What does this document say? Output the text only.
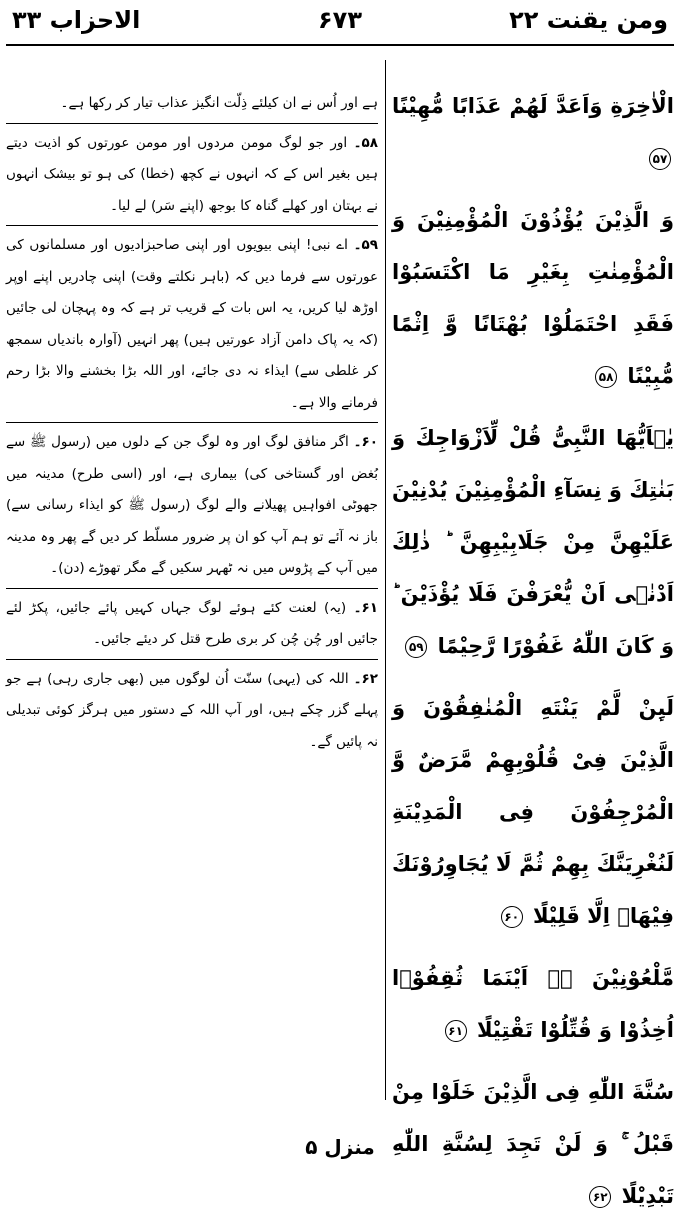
ومن یقنت ۲۲
۶۷۳
الاحزاب ۳۳
الْاٰخِرَةِ وَاَعَدَّ لَهُمْ عَذَابًا مُّهِیْنًا ۵۷
وَ الَّذِیْنَ یُؤْذُوْنَ الْمُؤْمِنِیْنَ وَ الْمُؤْمِنٰتِ بِغَیْرِ مَا اكْتَسَبُوْا فَقَدِ احْتَمَلُوْا بُهْتَانًا وَّ اِثْمًا مُّبِیْنًا ۵۸
یٰۤاَیُّهَا النَّبِیُّ قُلْ لِّاَزْوَاجِكَ وَ بَنٰتِكَ وَ نِسَآءِ الْمُؤْمِنِیْنَ یُدْنِیْنَ عَلَیْهِنَّ مِنْ جَلَابِیْبِهِنَّ ؕ ذٰلِكَ اَدْنٰۤى اَنْ یُّعْرَفْنَ فَلَا یُؤْذَیْنَ ؕ وَ كَانَ اللّٰهُ غَفُوْرًا رَّحِیْمًا ۵۹
لَىِٕنْ لَّمْ یَنْتَهِ الْمُنٰفِقُوْنَ وَ الَّذِیْنَ فِیْ قُلُوْبِهِمْ مَّرَضٌ وَّ الْمُرْجِفُوْنَ فِی الْمَدِیْنَةِ لَنُغْرِیَنَّكَ بِهِمْ ثُمَّ لَا یُجَاوِرُوْنَكَ فِیْهَاۤ اِلَّا قَلِیْلًا ۶۰
مَّلْعُوْنِیْنَ ۛۚ اَیْنَمَا ثُقِفُوْۤا اُخِذُوْا وَ قُتِّلُوْا تَقْتِیْلًا ۶۱
سُنَّةَ اللّٰهِ فِی الَّذِیْنَ خَلَوْا مِنْ قَبْلُ ۚ وَ لَنْ تَجِدَ لِسُنَّةِ اللّٰهِ تَبْدِیْلًا ۶۲

ہے اور اُس نے ان کیلئے ذِلّت انگیز عذاب تیار کر رکھا ہے۔

۵۸۔ اور جو لوگ مومن مردوں اور مومن عورتوں کو اذیت دیتے ہیں بغیر اس کے کہ انہوں نے کچھ (خطا) کی ہو تو بیشک انہوں نے بہتان اور کھلے گناہ کا بوجھ (اپنے سَر) لے لیا۔

۵۹۔ اے نبی! اپنی بیویوں اور اپنی صاحبزادیوں اور مسلمانوں کی عورتوں سے فرما دیں کہ (باہر نکلتے وقت) اپنی چادریں اپنے اوپر اوڑھ لیا کریں، یہ اس بات کے قریب تر ہے کہ وہ پہچان لی جائیں (کہ یہ پاک دامن آزاد عورتیں ہیں) پھر انہیں (آوارہ باندیاں سمجھ کر غلطی سے) ایذاء نہ دی جائے، اور اللہ بڑا بخشنے والا بڑا رحم فرمانے والا ہے۔

۶۰۔ اگر منافق لوگ اور وہ لوگ جن کے دلوں میں (رسول ﷺ سے بُغض اور گستاخی کی) بیماری ہے، اور (اسی طرح) مدینہ میں جھوٹی افواہیں پھیلانے والے لوگ (رسول ﷺ کو ایذاء رسانی سے) باز نہ آئے تو ہم آپ کو ان پر ضرور مسلّط کر دیں گے پھر وہ مدینہ میں آپ کے پڑوس میں نہ ٹھہر سکیں گے مگر تھوڑے (دن)۔

۶۱۔ (یہ) لعنت کئے ہوئے لوگ جہاں کہیں پائے جائیں، پکڑ لئے جائیں اور چُن چُن کر بری طرح قتل کر دیئے جائیں۔

۶۲۔ اللہ کی (یہی) سنّت اُن لوگوں میں (بھی جاری رہی) ہے جو پہلے گزر چکے ہیں، اور آپ اللہ کے دستور میں ہرگز کوئی تبدیلی نہ پائیں گے۔

منزل ۵
